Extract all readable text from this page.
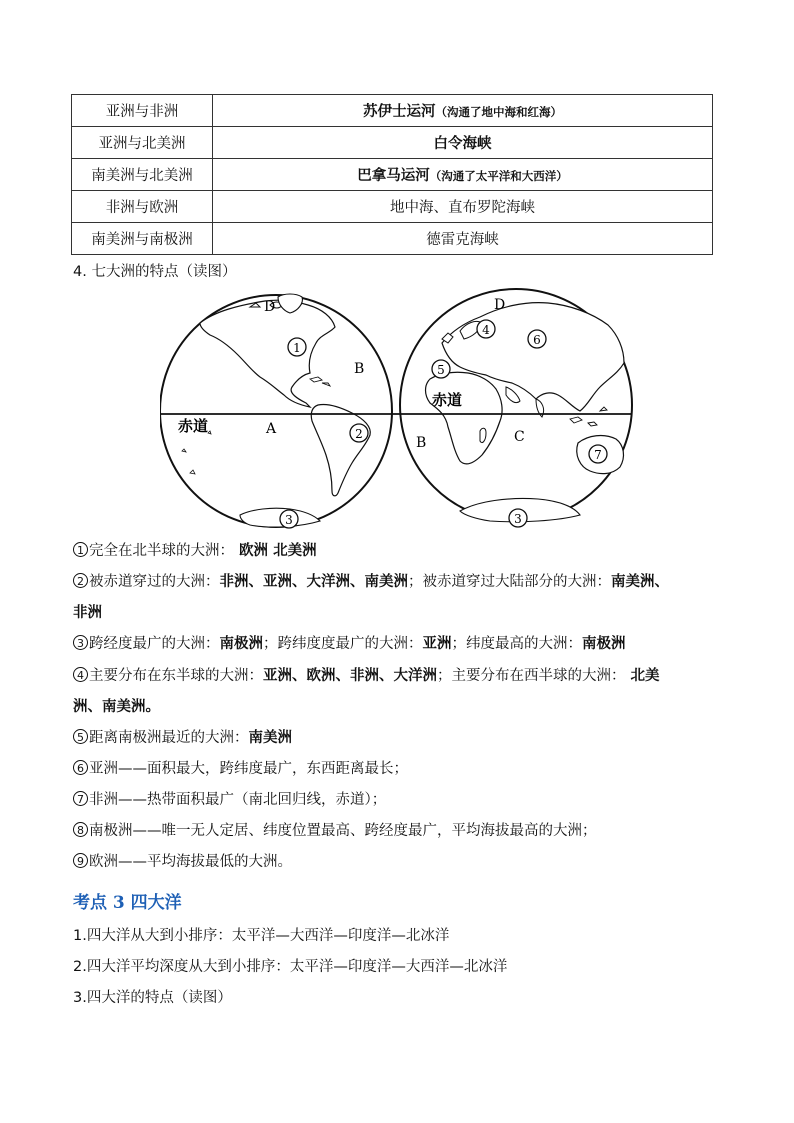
亚洲与非洲	苏伊士运河（沟通了地中海和红海）
亚洲与北美洲	白令海峡
南美洲与北美洲	巴拿马运河（沟通了太平洋和大西洋）
非洲与欧洲	地中海、直布罗陀海峡
南美洲与南极洲	德雷克海峡
4. 七大洲的特点（读图）
赤道
赤道
A
B
B	C
D	D
1
2
3	3
4
5
6
7
1 完全在北半球的大洲： 欧洲 北美洲
2 被赤道穿过的大洲：非洲、亚洲、大洋洲、南美洲；被赤道穿过大陆部分的大洲：南美洲、
非洲
3 跨经度最广的大洲：南极洲；跨纬度度最广的大洲：亚洲；纬度最高的大洲：南极洲
4 主要分布在东半球的大洲：亚洲、欧洲、非洲、大洋洲；主要分布在西半球的大洲： 北美
洲、南美洲。
5 距离南极洲最近的大洲：南美洲
6 亚洲——面积最大，跨纬度最广，东西距离最长；
7 非洲——热带面积最广（南北回归线，赤道）；
8 南极洲——唯一无人定居、纬度位置最高、跨经度最广，平均海拔最高的大洲；
9 欧洲——平均海拔最低的大洲。
考点 3 四大洋
1.四大洋从大到小排序：太平洋—大西洋—印度洋—北冰洋
2.四大洋平均深度从大到小排序：太平洋—印度洋—大西洋—北冰洋
3.四大洋的特点（读图）
